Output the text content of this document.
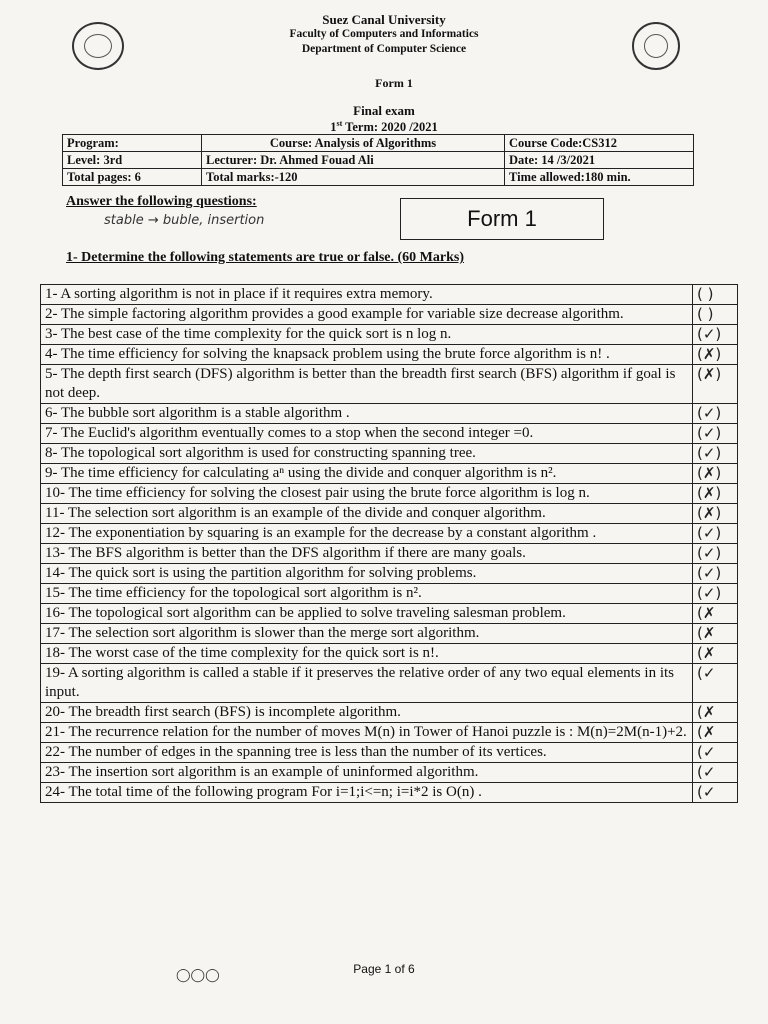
Suez Canal University
Faculty of Computers and Informatics
Department of Computer Science
Form 1
Final exam
1st Term: 2020 /2021
Program:	Course: Analysis of Algorithms	Course Code:CS312
Level: 3rd	Lecturer: Dr. Ahmed Fouad Ali	Date: 14 /3/2021
Total pages: 6	Total marks:-120	Time allowed:180 min.
Answer the following questions:
stable → buble, insertion	Form 1
1- Determine the following statements are true or false. (60 Marks)
1- A sorting algorithm is not in place if it requires extra memory.	( )
2- The simple factoring algorithm provides a good example for variable size decrease algorithm.	( )
3- The best case of the time complexity for the quick sort is n log n.	(✓)
4- The time efficiency for solving the knapsack problem using the brute force algorithm is n! .	(✗)
5- The depth first search (DFS) algorithm is better than the breadth first search (BFS) algorithm if goal is not deep.	(✗)
6- The bubble sort algorithm is a stable algorithm .	(✓)
7- The Euclid's algorithm eventually comes to a stop when the second integer =0.	(✓)
8- The topological sort algorithm is used for constructing spanning tree.	(✓)
9- The time efficiency for calculating aⁿ using the divide and conquer algorithm is n².	(✗)
10- The time efficiency for solving the closest pair using the brute force algorithm is log n.	(✗)
11- The selection sort algorithm is an example of the divide and conquer algorithm.	(✗)
12- The exponentiation by squaring is an example for the decrease by a constant algorithm .	(✓)
13- The BFS algorithm is better than the DFS algorithm if there are many goals.	(✓)
14- The quick sort is using the partition algorithm for solving problems.	(✓)
15- The time efficiency for the topological sort algorithm is n².	(✓)
16- The topological sort algorithm can be applied to solve traveling salesman problem.	(✗
17- The selection sort algorithm is slower than the merge sort algorithm.	(✗
18- The worst case of the time complexity for the quick sort is n!.	(✗
19- A sorting algorithm is called a stable if it preserves the relative order of any two equal elements in its input.	(✓
20- The breadth first search (BFS) is incomplete algorithm.	(✗
21- The recurrence relation for the number of moves M(n) in Tower of Hanoi puzzle is : M(n)=2M(n-1)+2.	(✗
22- The number of edges in the spanning tree is less than the number of its vertices.	(✓
23- The insertion sort algorithm is an example of uninformed algorithm.	(✓
24- The total time of the following program For i=1;i<=n; i=i*2 is O(n) .	(✓
◯◯◯	Page 1 of 6
